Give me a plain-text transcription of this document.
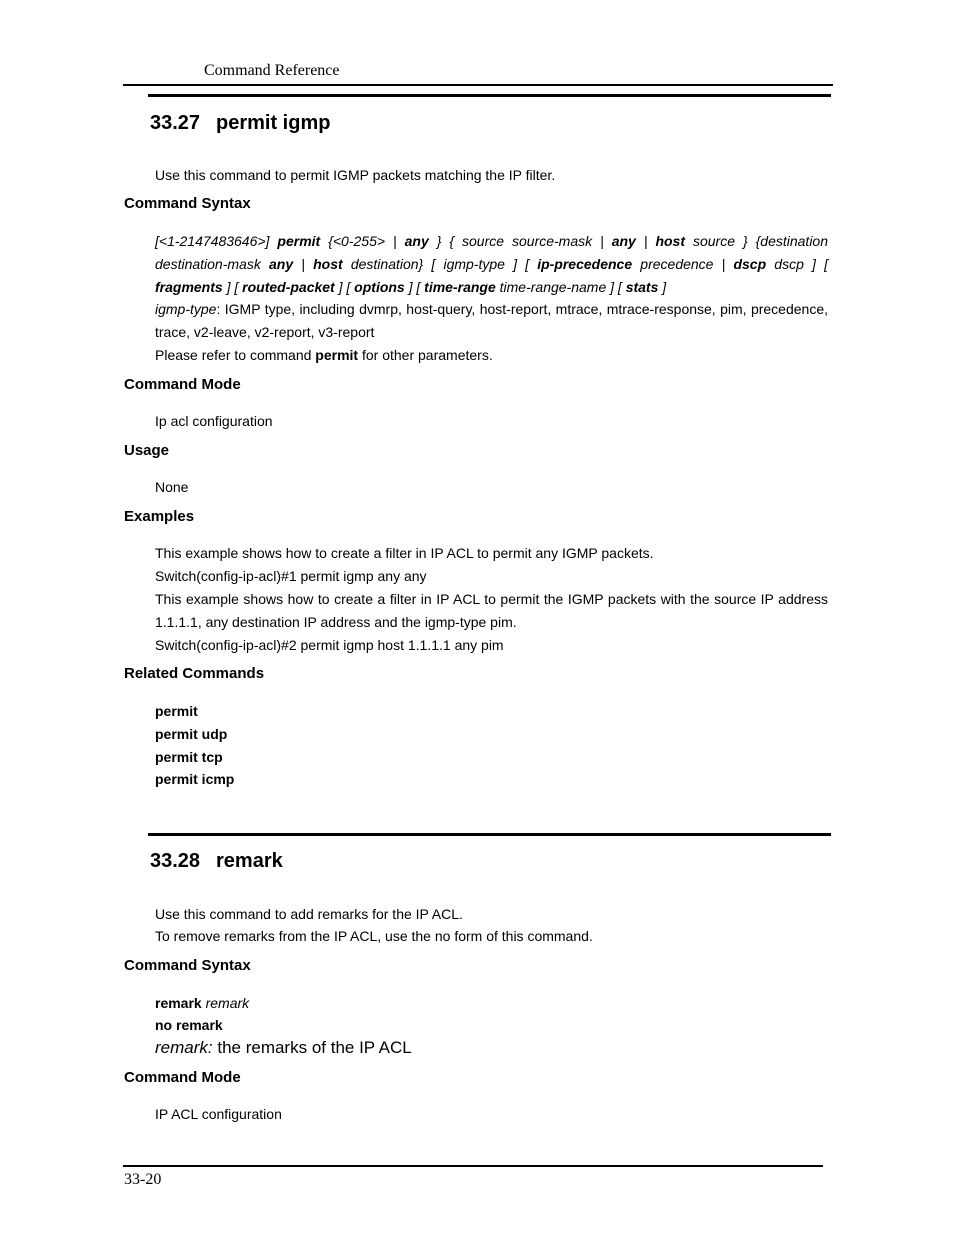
Command Reference
33.27 permit igmp
Use this command to permit IGMP packets matching the IP filter.
Command Syntax
[<1-2147483646>] permit {<0-255> | any } { source source-mask | any | host source } {destination destination-mask any | host destination} [ igmp-type ] [ ip-precedence precedence | dscp dscp ] [ fragments ] [ routed-packet ] [ options ] [ time-range time-range-name ] [ stats ]
igmp-type: IGMP type, including dvmrp, host-query, host-report, mtrace, mtrace-response, pim, precedence, trace, v2-leave, v2-report, v3-report
Please refer to command permit for other parameters.
Command Mode
Ip acl configuration
Usage
None
Examples
This example shows how to create a filter in IP ACL to permit any IGMP packets.
Switch(config-ip-acl)#1 permit igmp any any
This example shows how to create a filter in IP ACL to permit the IGMP packets with the source IP address 1.1.1.1, any destination IP address and the igmp-type pim.
Switch(config-ip-acl)#2 permit igmp host 1.1.1.1 any pim
Related Commands
permit
permit udp
permit tcp
permit icmp
33.28 remark
Use this command to add remarks for the IP ACL.
To remove remarks from the IP ACL, use the no form of this command.
Command Syntax
remark remark
no remark
remark: the remarks of the IP ACL
Command Mode
IP ACL configuration
33-20
